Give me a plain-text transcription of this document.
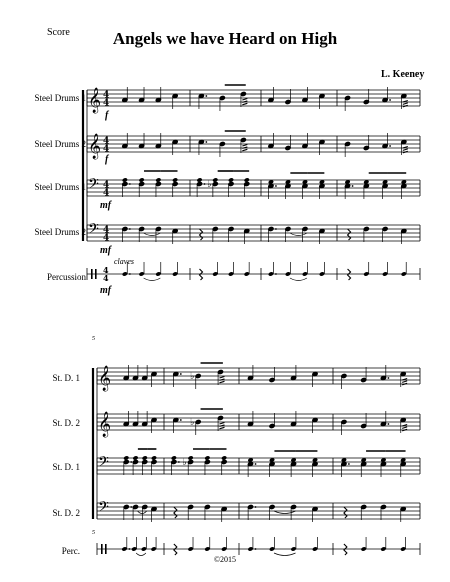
Score	Angels we have Heard on High
L. Keeney
Steel Drums 1
Steel Drums 2
Steel Drums 1
Steel Drums 2
Percussion
f
f
mf
mf
mf
claves
St. D. 1
St. D. 2
St. D. 1
St. D. 2
Perc.
5
5
©2015
𝄞 4
4
𝄞 4
4
𝄢 4
4
♭
𝄢 4
4
4
4
𝄞	♭
𝄞	♭
𝄢	♭
𝄢
